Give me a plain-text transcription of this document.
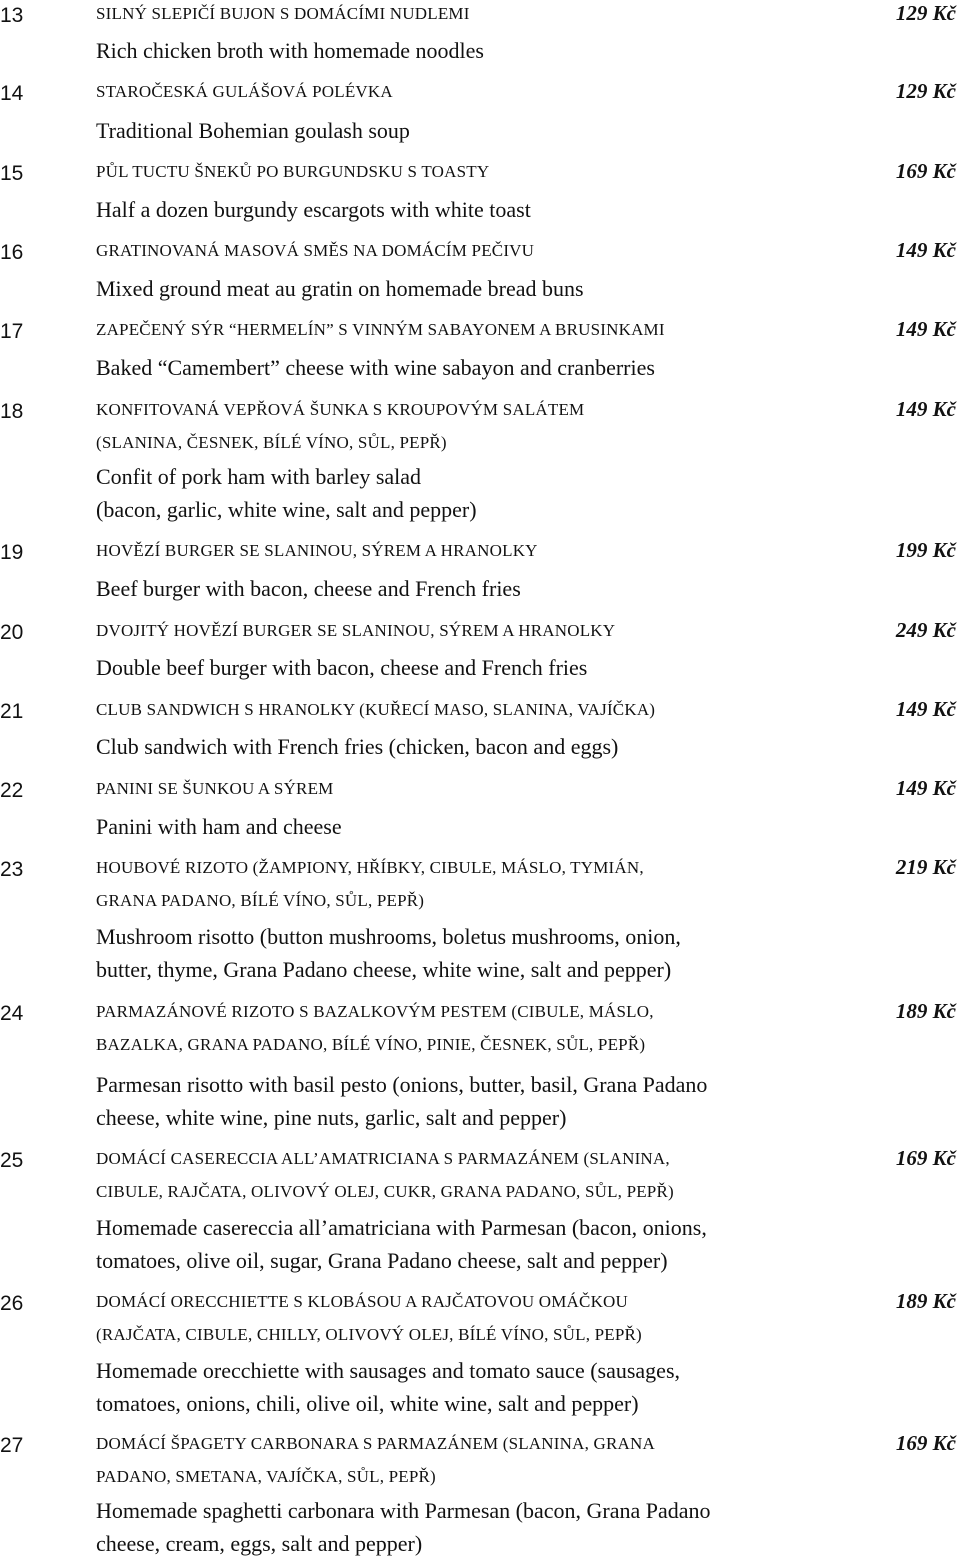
13	SILNÝ SLEPIČÍ BUJON S DOMÁCÍMI NUDLEMI
Rich chicken broth with homemade noodles
129 Kč
14	STAROČESKÁ GULÁŠOVÁ POLÉVKA
Traditional Bohemian goulash soup
129 Kč
15	PŮL TUCTU ŠNEKŮ PO BURGUNDSKU S TOASTY
Half a dozen burgundy escargots with white toast
169 Kč
16	GRATINOVANÁ MASOVÁ SMĚS NA DOMÁCÍM PEČIVU
Mixed ground meat au gratin on homemade bread buns
149 Kč
17	ZAPEČENÝ SÝR “HERMELÍN” S VINNÝM SABAYONEM A BRUSINKAMI
Baked “Camembert” cheese with wine sabayon and cranberries
149 Kč
18	KONFITOVANÁ VEPŘOVÁ ŠUNKA S KROUPOVÝM SALÁTEM
(SLANINA, ČESNEK, BÍLÉ VÍNO, SŮL, PEPŘ)
Confit of pork ham with barley salad
(bacon, garlic, white wine, salt and pepper)
149 Kč
19	HOVĚZÍ BURGER SE SLANINOU, SÝREM A HRANOLKY
Beef burger with bacon, cheese and French fries
199 Kč
20	DVOJITÝ HOVĚZÍ BURGER SE SLANINOU, SÝREM A HRANOLKY
Double beef burger with bacon, cheese and French fries
249 Kč
21	CLUB SANDWICH S HRANOLKY (KUŘECÍ MASO, SLANINA, VAJÍČKA)
Club sandwich with French fries (chicken, bacon and eggs)
149 Kč
22	PANINI SE ŠUNKOU A SÝREM
Panini with ham and cheese
149 Kč
23	HOUBOVÉ RIZOTO (ŽAMPIONY, HŘÍBKY, CIBULE, MÁSLO, TYMIÁN,
GRANA PADANO, BÍLÉ VÍNO, SŮL, PEPŘ)
Mushroom risotto (button mushrooms, boletus mushrooms, onion,
butter, thyme, Grana Padano cheese, white wine, salt and pepper)
219 Kč
24	PARMAZÁNOVÉ RIZOTO S BAZALKOVÝM PESTEM (CIBULE, MÁSLO,
BAZALKA, GRANA PADANO, BÍLÉ VÍNO, PINIE, ČESNEK, SŮL, PEPŘ)
Parmesan risotto with basil pesto (onions, butter, basil, Grana Padano
cheese, white wine, pine nuts, garlic, salt and pepper)
189 Kč
25	DOMÁCÍ CASERECCIA ALL’AMATRICIANA S PARMAZÁNEM (SLANINA,
CIBULE, RAJČATA, OLIVOVÝ OLEJ, CUKR, GRANA PADANO, SŮL, PEPŘ)
Homemade casereccia all’amatriciana with Parmesan (bacon, onions,
tomatoes, olive oil, sugar, Grana Padano cheese, salt and pepper)
169 Kč
26	DOMÁCÍ ORECCHIETTE S KLOBÁSOU A RAJČATOVOU OMÁČKOU
(RAJČATA, CIBULE, CHILLY, OLIVOVÝ OLEJ, BÍLÉ VÍNO, SŮL, PEPŘ)
Homemade orecchiette with sausages and tomato sauce (sausages,
tomatoes, onions, chili, olive oil, white wine, salt and pepper)
189 Kč
27	DOMÁCÍ ŠPAGETY CARBONARA S PARMAZÁNEM (SLANINA, GRANA
PADANO, SMETANA, VAJÍČKA, SŮL, PEPŘ)
Homemade spaghetti carbonara with Parmesan (bacon, Grana Padano
cheese, cream, eggs, salt and pepper)
169 Kč
